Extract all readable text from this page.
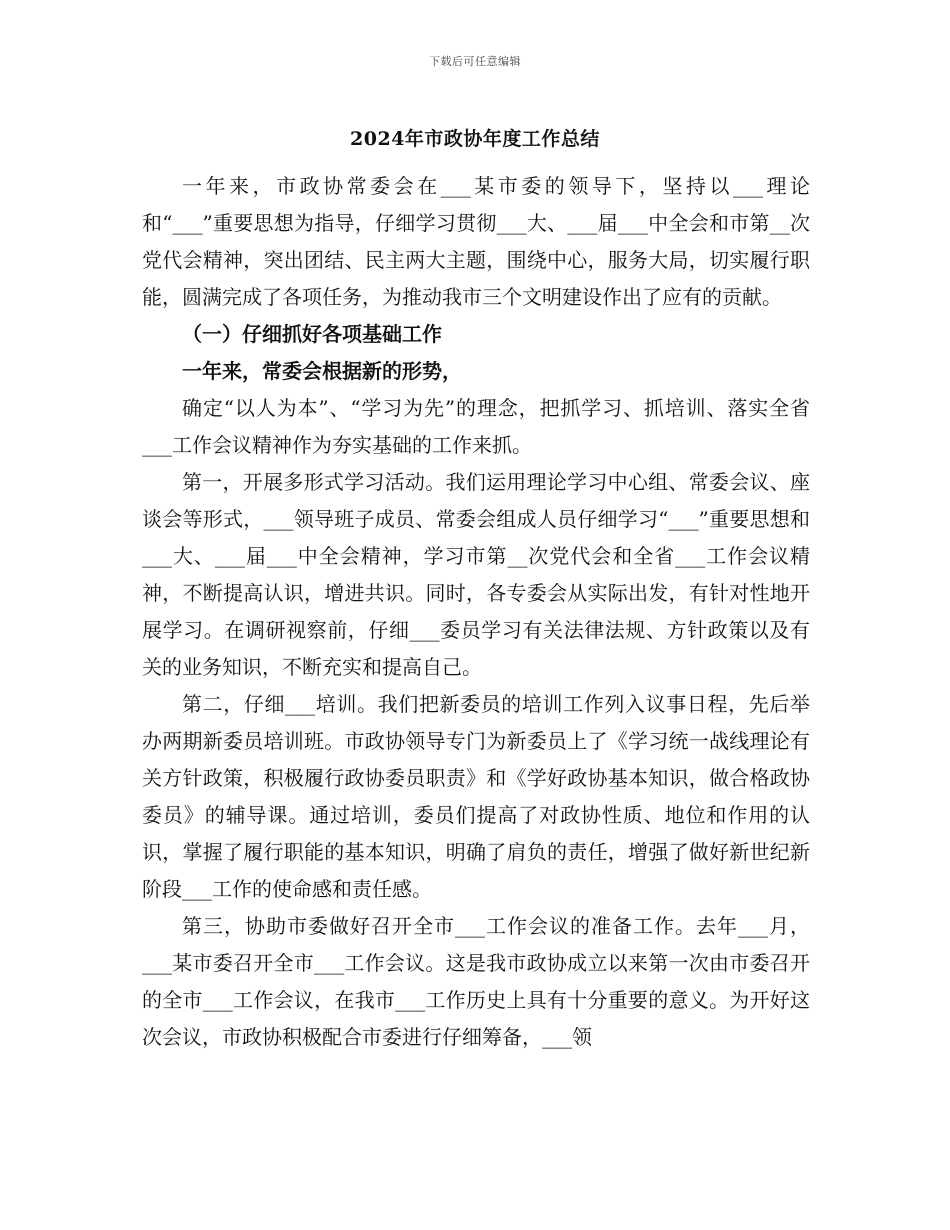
下载后可任意编辑
2024年市政协年度工作总结

一年来，市政协常委会在___某市委的领导下，坚持以___理论和“___”重要思想为指导，仔细学习贯彻___大、___届___中全会和市第__次党代会精神，突出团结、民主两大主题，围绕中心，服务大局，切实履行职能，圆满完成了各项任务，为推动我市三个文明建设作出了应有的贡献。

（一）仔细抓好各项基础工作

一年来，常委会根据新的形势，

确定“以人为本”、“学习为先”的理念，把抓学习、抓培训、落实全省___工作会议精神作为夯实基础的工作来抓。

第一，开展多形式学习活动。我们运用理论学习中心组、常委会议、座谈会等形式，___领导班子成员、常委会组成人员仔细学习“___”重要思想和___大、___届___中全会精神，学习市第__次党代会和全省___工作会议精神，不断提高认识，增进共识。同时，各专委会从实际出发，有针对性地开展学习。在调研视察前，仔细___委员学习有关法律法规、方针政策以及有关的业务知识，不断充实和提高自己。

第二，仔细___培训。我们把新委员的培训工作列入议事日程，先后举办两期新委员培训班。市政协领导专门为新委员上了《学习统一战线理论有关方针政策，积极履行政协委员职责》和《学好政协基本知识，做合格政协委员》的辅导课。通过培训，委员们提高了对政协性质、地位和作用的认识，掌握了履行职能的基本知识，明确了肩负的责任，增强了做好新世纪新阶段___工作的使命感和责任感。

第三，协助市委做好召开全市___工作会议的准备工作。去年___月，___某市委召开全市___工作会议。这是我市政协成立以来第一次由市委召开的全市___工作会议，在我市___工作历史上具有十分重要的意义。为开好这次会议，市政协积极配合市委进行仔细筹备，___领
